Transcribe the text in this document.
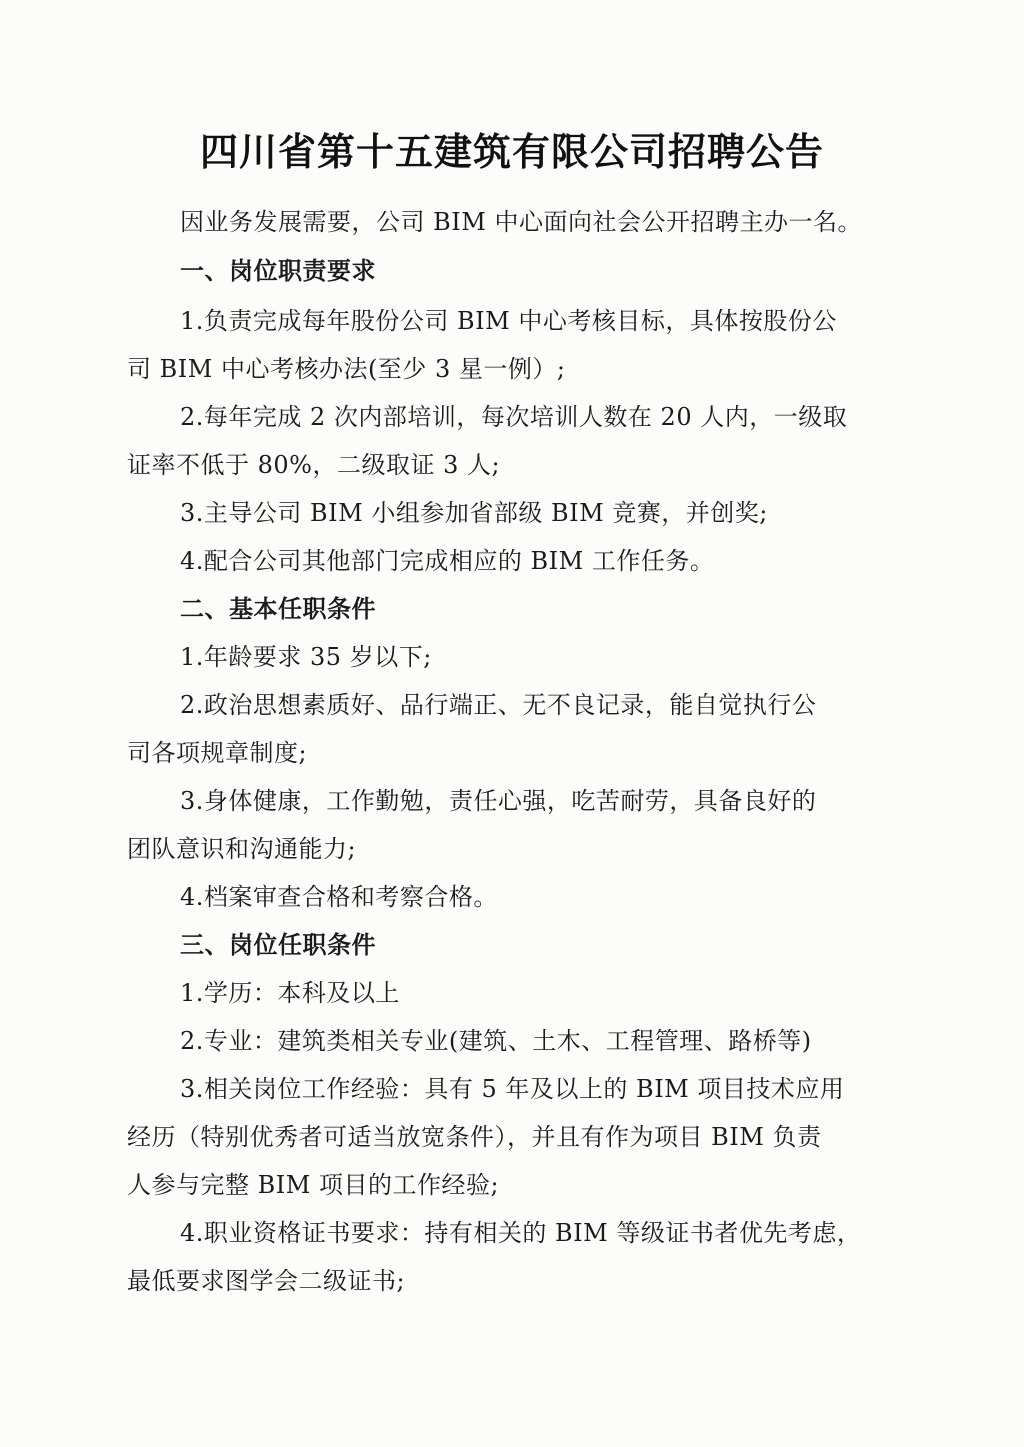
四川省第十五建筑有限公司招聘公告
因业务发展需要，公司 BIM 中心面向社会公开招聘主办一名。
一、岗位职责要求
1.负责完成每年股份公司 BIM 中心考核目标，具体按股份公
司 BIM 中心考核办法(至少 3 星一例）;
2.每年完成 2 次内部培训，每次培训人数在 20 人内，一级取
证率不低于 80%，二级取证 3 人;
3.主导公司 BIM 小组参加省部级 BIM 竞赛，并创奖;
4.配合公司其他部门完成相应的 BIM 工作任务。
二、基本任职条件
1.年龄要求 35 岁以下;
2.政治思想素质好、品行端正、无不良记录，能自觉执行公
司各项规章制度;
3.身体健康，工作勤勉，责任心强，吃苦耐劳，具备良好的
团队意识和沟通能力;
4.档案审查合格和考察合格。
三、岗位任职条件
1.学历：本科及以上
2.专业：建筑类相关专业(建筑、土木、工程管理、路桥等)
3.相关岗位工作经验：具有 5 年及以上的 BIM 项目技术应用
经历（特别优秀者可适当放宽条件），并且有作为项目 BIM 负责
人参与完整 BIM 项目的工作经验;
4.职业资格证书要求：持有相关的 BIM 等级证书者优先考虑，
最低要求图学会二级证书;
